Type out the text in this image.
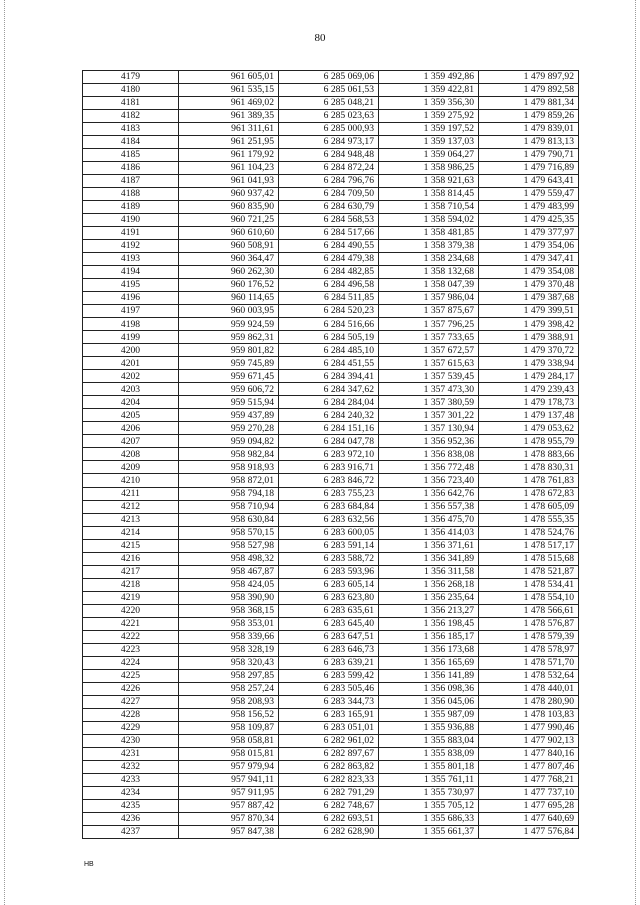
80
4179	961 605,01	6 285 069,06	1 359 492,86	1 479 897,92
4180	961 535,15	6 285 061,53	1 359 422,81	1 479 892,58
4181	961 469,02	6 285 048,21	1 359 356,30	1 479 881,34
4182	961 389,35	6 285 023,63	1 359 275,92	1 479 859,26
4183	961 311,61	6 285 000,93	1 359 197,52	1 479 839,01
4184	961 251,95	6 284 973,17	1 359 137,03	1 479 813,13
4185	961 179,92	6 284 948,48	1 359 064,27	1 479 790,71
4186	961 104,23	6 284 872,24	1 358 986,25	1 479 716,89
4187	961 041,93	6 284 796,76	1 358 921,63	1 479 643,41
4188	960 937,42	6 284 709,50	1 358 814,45	1 479 559,47
4189	960 835,90	6 284 630,79	1 358 710,54	1 479 483,99
4190	960 721,25	6 284 568,53	1 358 594,02	1 479 425,35
4191	960 610,60	6 284 517,66	1 358 481,85	1 479 377,97
4192	960 508,91	6 284 490,55	1 358 379,38	1 479 354,06
4193	960 364,47	6 284 479,38	1 358 234,68	1 479 347,41
4194	960 262,30	6 284 482,85	1 358 132,68	1 479 354,08
4195	960 176,52	6 284 496,58	1 358 047,39	1 479 370,48
4196	960 114,65	6 284 511,85	1 357 986,04	1 479 387,68
4197	960 003,95	6 284 520,23	1 357 875,67	1 479 399,51
4198	959 924,59	6 284 516,66	1 357 796,25	1 479 398,42
4199	959 862,31	6 284 505,19	1 357 733,65	1 479 388,91
4200	959 801,82	6 284 485,10	1 357 672,57	1 479 370,72
4201	959 745,89	6 284 451,55	1 357 615,63	1 479 338,94
4202	959 671,45	6 284 394,41	1 357 539,45	1 479 284,17
4203	959 606,72	6 284 347,62	1 357 473,30	1 479 239,43
4204	959 515,94	6 284 284,04	1 357 380,59	1 479 178,73
4205	959 437,89	6 284 240,32	1 357 301,22	1 479 137,48
4206	959 270,28	6 284 151,16	1 357 130,94	1 479 053,62
4207	959 094,82	6 284 047,78	1 356 952,36	1 478 955,79
4208	958 982,84	6 283 972,10	1 356 838,08	1 478 883,66
4209	958 918,93	6 283 916,71	1 356 772,48	1 478 830,31
4210	958 872,01	6 283 846,72	1 356 723,40	1 478 761,83
4211	958 794,18	6 283 755,23	1 356 642,76	1 478 672,83
4212	958 710,94	6 283 684,84	1 356 557,38	1 478 605,09
4213	958 630,84	6 283 632,56	1 356 475,70	1 478 555,35
4214	958 570,15	6 283 600,05	1 356 414,03	1 478 524,76
4215	958 527,98	6 283 591,14	1 356 371,61	1 478 517,17
4216	958 498,32	6 283 588,72	1 356 341,89	1 478 515,68
4217	958 467,87	6 283 593,96	1 356 311,58	1 478 521,87
4218	958 424,05	6 283 605,14	1 356 268,18	1 478 534,41
4219	958 390,90	6 283 623,80	1 356 235,64	1 478 554,10
4220	958 368,15	6 283 635,61	1 356 213,27	1 478 566,61
4221	958 353,01	6 283 645,40	1 356 198,45	1 478 576,87
4222	958 339,66	6 283 647,51	1 356 185,17	1 478 579,39
4223	958 328,19	6 283 646,73	1 356 173,68	1 478 578,97
4224	958 320,43	6 283 639,21	1 356 165,69	1 478 571,70
4225	958 297,85	6 283 599,42	1 356 141,89	1 478 532,64
4226	958 257,24	6 283 505,46	1 356 098,36	1 478 440,01
4227	958 208,93	6 283 344,73	1 356 045,06	1 478 280,90
4228	958 156,52	6 283 165,91	1 355 987,09	1 478 103,83
4229	958 109,87	6 283 051,01	1 355 936,88	1 477 990,46
4230	958 058,81	6 282 961,02	1 355 883,04	1 477 902,13
4231	958 015,81	6 282 897,67	1 355 838,09	1 477 840,16
4232	957 979,94	6 282 863,82	1 355 801,18	1 477 807,46
4233	957 941,11	6 282 823,33	1 355 761,11	1 477 768,21
4234	957 911,95	6 282 791,29	1 355 730,97	1 477 737,10
4235	957 887,42	6 282 748,67	1 355 705,12	1 477 695,28
4236	957 870,34	6 282 693,51	1 355 686,33	1 477 640,69
4237	957 847,38	6 282 628,90	1 355 661,37	1 477 576,84
HB
